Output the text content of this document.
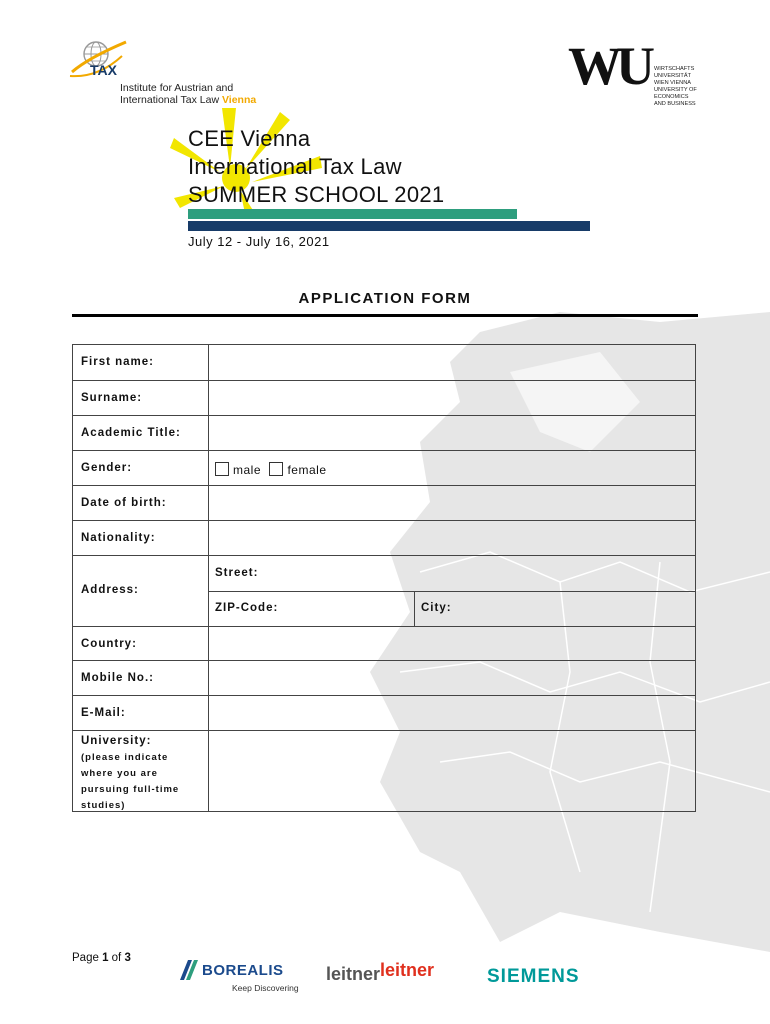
TAX
Institute for Austrian and
International Tax Law Vienna
WU WIRTSCHAFTS
UNIVERSITÄT
WIEN VIENNA
UNIVERSITY OF
ECONOMICS
AND BUSINESS
CEE Vienna
International Tax Law
SUMMER SCHOOL 2021
July 12 - July 16, 2021
APPLICATION FORM
First name:
Surname:
Academic Title:
Gender:	male female
Date of birth:
Nationality:
Address:
Street:
ZIP-Code:	City:
Country:
Mobile No.:
E-Mail:
University:
(please indicate
where you are
pursuing full-time
studies)
Page 1 of 3
BOREALIS
Keep Discovering
leitnerleitner	SIEMENS
